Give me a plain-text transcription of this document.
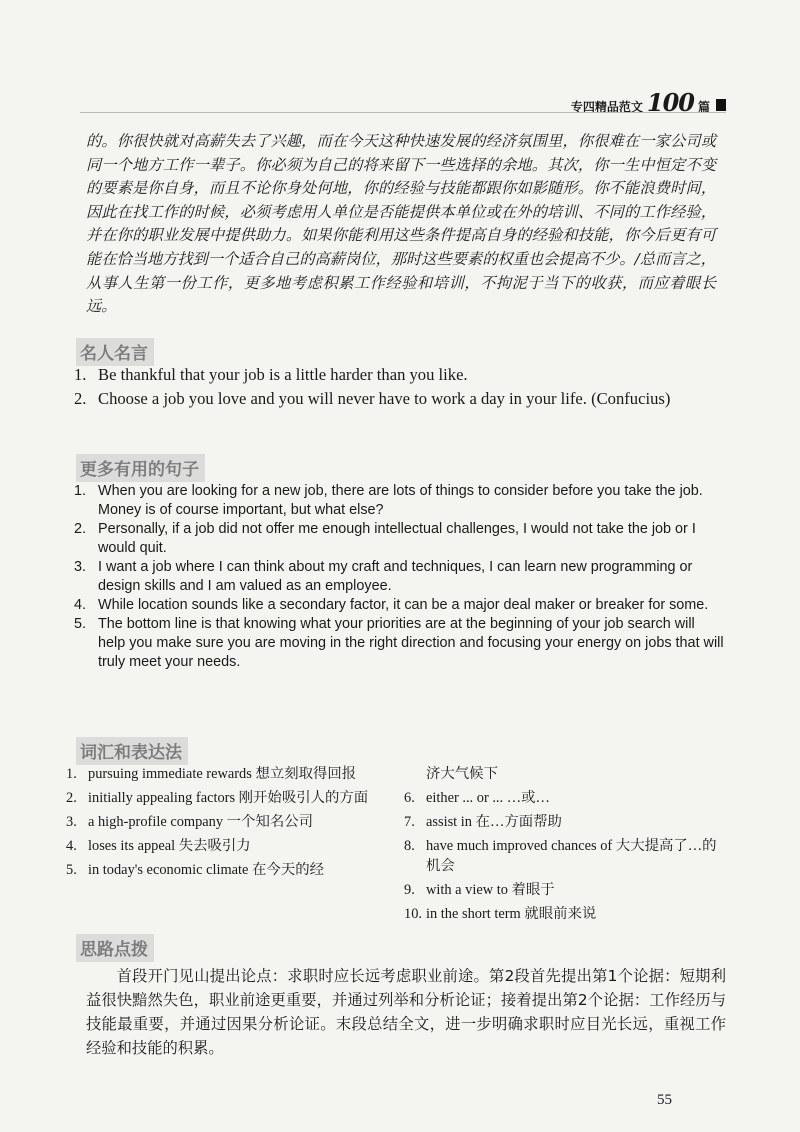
专四精品范文 100 篇
的。你很快就对高薪失去了兴趣，而在今天这种快速发展的经济氛围里，你很难在一家公司或同一个地方工作一辈子。你必须为自己的将来留下一些选择的余地。其次，你一生中恒定不变的要素是你自身，而且不论你身处何地，你的经验与技能都跟你如影随形。你不能浪费时间，因此在找工作的时候，必须考虑用人单位是否能提供本单位或在外的培训、不同的工作经验，并在你的职业发展中提供助力。如果你能利用这些条件提高自身的经验和技能，你今后更有可能在恰当地方找到一个适合自己的高薪岗位，那时这些要素的权重也会提高不少。/总而言之，从事人生第一份工作，更多地考虑积累工作经验和培训，不拘泥于当下的收获，而应着眼长远。
名人名言
1. Be thankful that your job is a little harder than you like.
2. Choose a job you love and you will never have to work a day in your life. (Confucius)
更多有用的句子
1. When you are looking for a new job, there are lots of things to consider before you take the job. Money is of course important, but what else?
2. Personally, if a job did not offer me enough intellectual challenges, I would not take the job or I would quit.
3. I want a job where I can think about my craft and techniques, I can learn new programming or design skills and I am valued as an employee.
4. While location sounds like a secondary factor, it can be a major deal maker or breaker for some.
5. The bottom line is that knowing what your priorities are at the beginning of your job search will help you make sure you are moving in the right direction and focusing your energy on jobs that will truly meet your needs.
词汇和表达法
1. pursuing immediate rewards 想立刻取得回报
2. initially appealing factors 刚开始吸引人的方面
3. a high-profile company 一个知名公司
4. loses its appeal 失去吸引力
5. in today's economic climate 在今天的经
济大气候下
6. either ... or ... …或…
7. assist in 在…方面帮助
8. have much improved chances of 大大提高了…的机会
9. with a view to 着眼于
10. in the short term 就眼前来说
思路点拨
首段开门见山提出论点：求职时应长远考虑职业前途。第2段首先提出第1个论据：短期利益很快黯然失色，职业前途更重要，并通过列举和分析论证；接着提出第2个论据：工作经历与技能最重要，并通过因果分析论证。末段总结全文，进一步明确求职时应目光长远，重视工作经验和技能的积累。
55
